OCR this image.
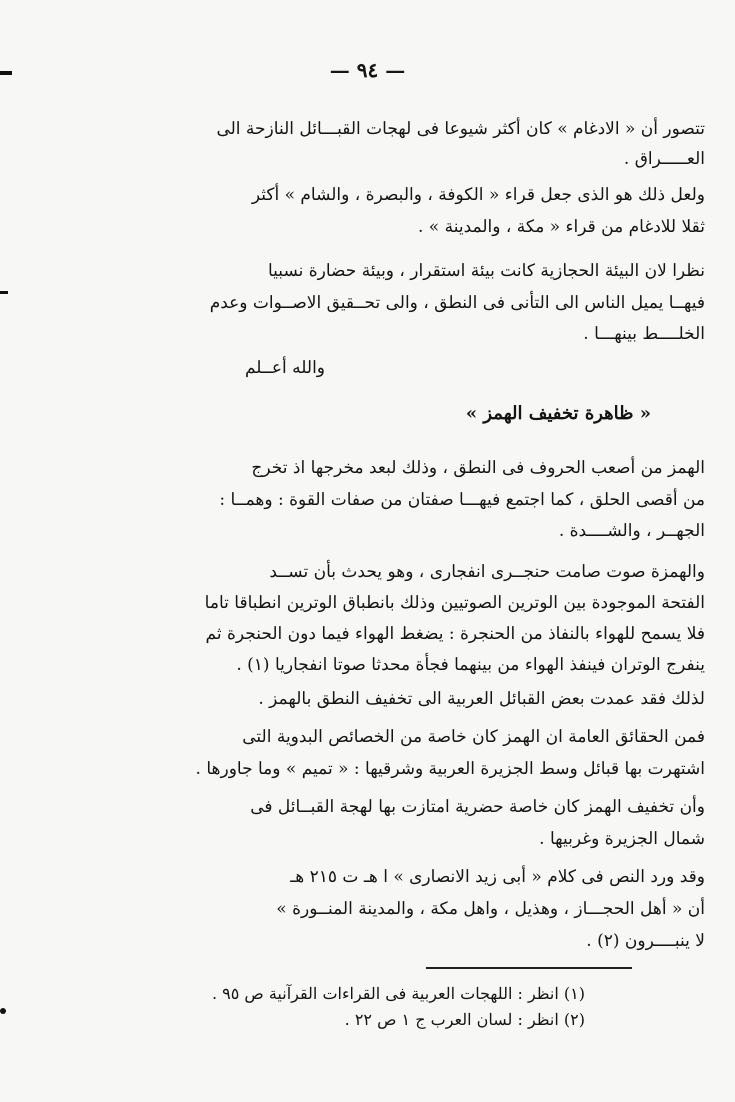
— ٩٤ —
تتصور أن « الادغام » كان أكثر شيوعا فى لهجات القبـــائل النازحة الى
العـــــراق .
ولعل ذلك هو الذى جعل قراء « الكوفة ، والبصرة ، والشام » أكثر
ثقلا للادغام من قراء « مكة ، والمدينة » .
نظرا لان البيئة الحجازية كانت بيئة استقرار ، وبيئة حضارة نسبيا
فيهــا يميل الناس الى التأنى فى النطق ، والى تحــقيق الاصــوات وعدم
الخلــــط بينهـــا .
والله أعــلم
« ظاهرة تخفيف الهمز »
الهمز من أصعب الحروف فى النطق ، وذلك لبعد مخرجها اذ تخرج
من أقصى الحلق ، كما اجتمع فيهـــا صفتان من صفات القوة : وهمــا :
الجهــر ، والشــــدة .
والهمزة صوت صامت حنجــرى انفجارى ، وهو يحدث بأن تســد
الفتحة الموجودة بين الوترين الصوتيين وذلك بانطباق الوترين انطباقا تاما
فلا يسمح للهواء بالنفاذ من الحنجرة : يضغط الهواء فيما دون الحنجرة ثم
ينفرج الوتران فينفذ الهواء من بينهما فجأة محدثا صوتا انفجاريا (١) .
لذلك فقد عمدت بعض القبائل العربية الى تخفيف النطق بالهمز .
فمن الحقائق العامة ان الهمز كان خاصة من الخصائص البدوية التى
اشتهرت بها قبائل وسط الجزيرة العربية وشرقيها : « تميم » وما جاورها .
وأن تخفيف الهمز كان خاصة حضرية امتازت بها لهجة القبــائل فى
شمال الجزيرة وغربيها .
وقد ورد النص فى كلام « أبى زيد الانصارى » ا هـ ت ٢١٥ هـ
أن « أهل الحجـــاز ، وهذيل ، واهل مكة ، والمدينة المنــورة »
لا ينبــــرون (٢) .
(١) انظر : اللهجات العربية فى القراءات القرآنية ص ٩٥ .
(٢) انظر : لسان العرب ج ١ ص ٢٢ .
